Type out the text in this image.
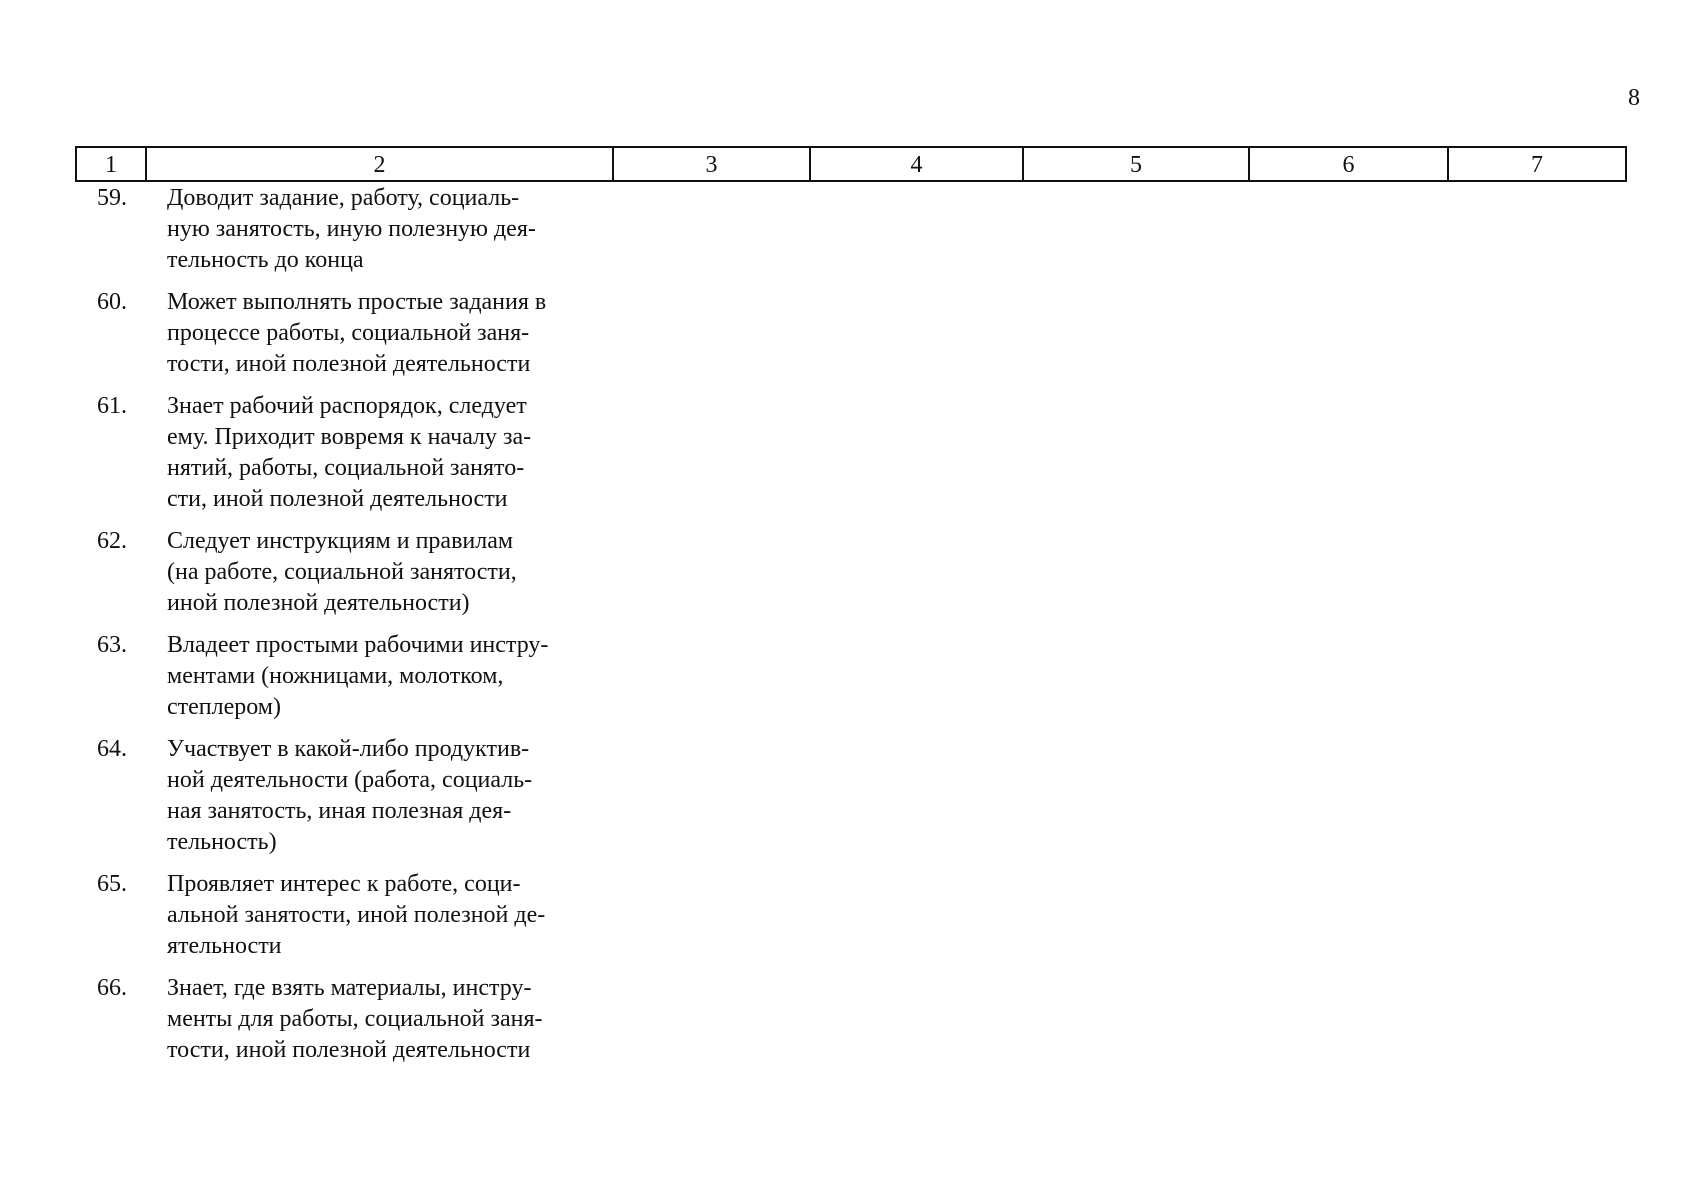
8
1	2	3	4	5	6	7
59.	Доводит задание, работу, социаль-
ную занятость, иную полезную дея-
тельность до конца
60.	Может выполнять простые задания в
процессе работы, социальной заня-
тости, иной полезной деятельности
61.	Знает рабочий распорядок, следует
ему. Приходит вовремя к началу за-
нятий, работы, социальной занято-
сти, иной полезной деятельности
62.	Следует инструкциям и правилам
(на работе, социальной занятости,
иной полезной деятельности)
63.	Владеет простыми рабочими инстру-
ментами (ножницами, молотком,
степлером)
64.	Участвует в какой-либо продуктив-
ной деятельности (работа, социаль-
ная занятость, иная полезная дея-
тельность)
65.	Проявляет интерес к работе, соци-
альной занятости, иной полезной де-
ятельности
66.	Знает, где взять материалы, инстру-
менты для работы, социальной заня-
тости, иной полезной деятельности
